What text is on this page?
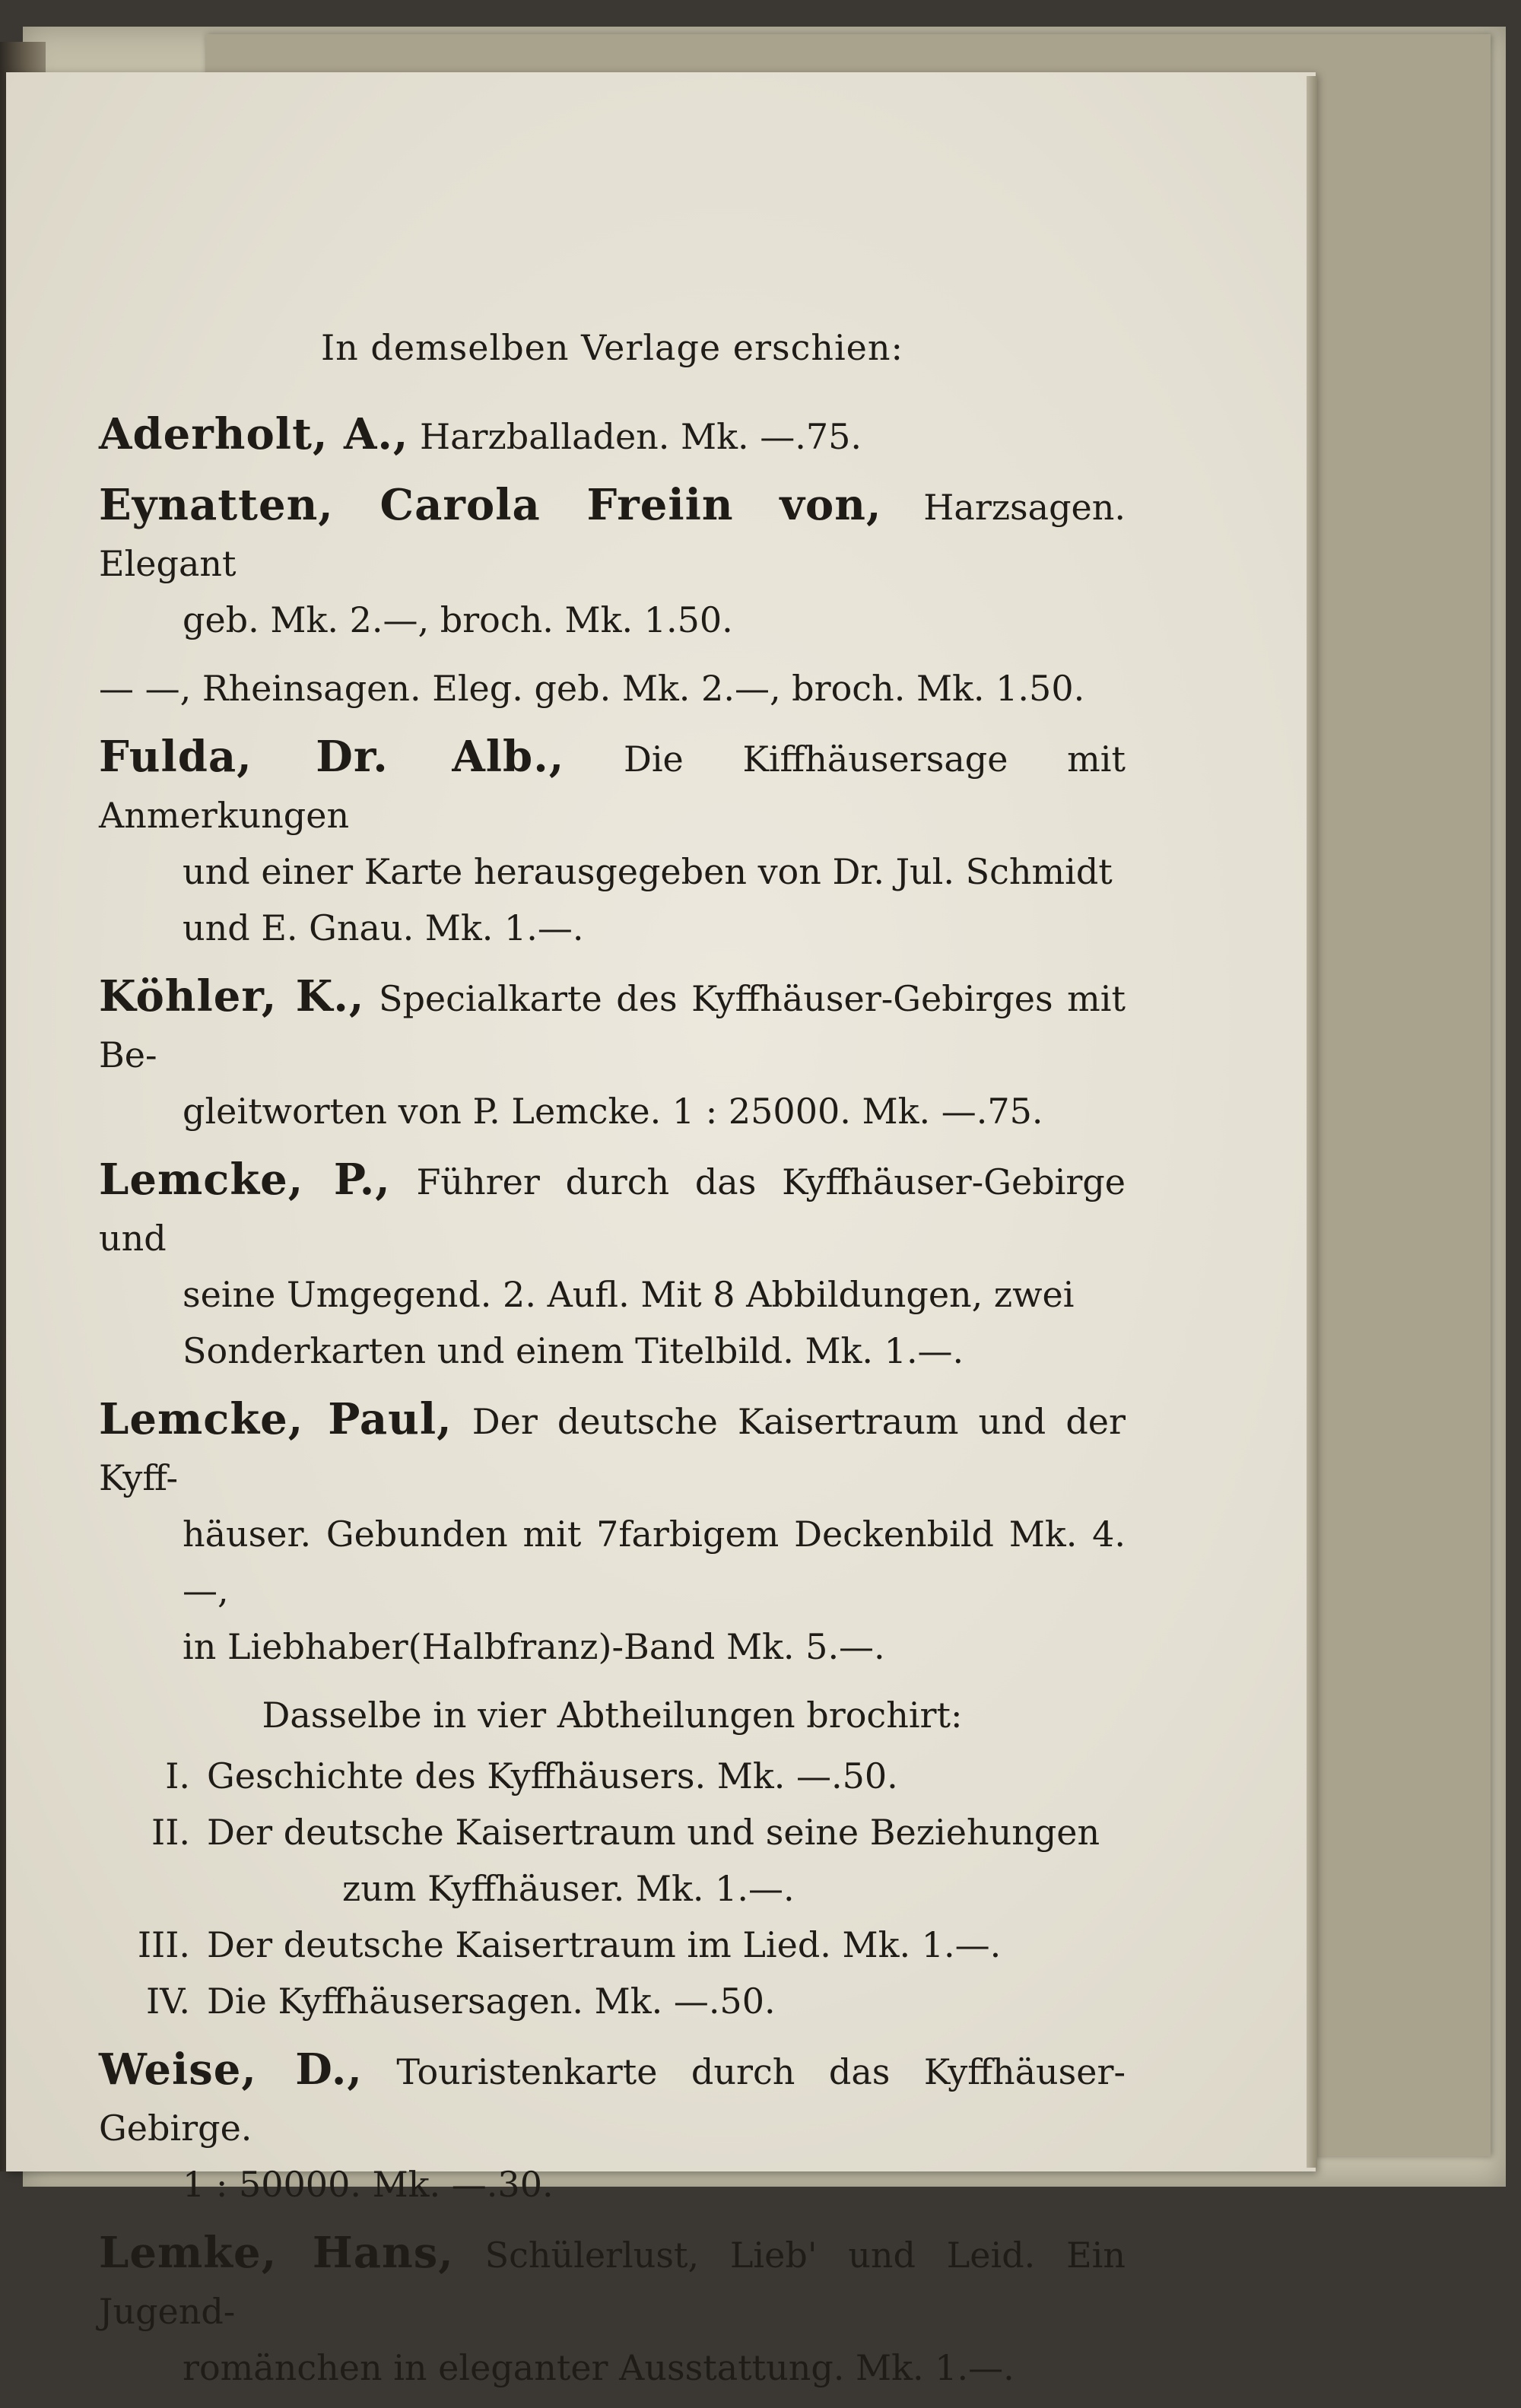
In demselben Verlage erschien:
Aderholt, A., Harzballaden. Mk. —.75.
Eynatten, Carola Freiin von, Harzsagen. Elegant
geb. Mk. 2.—, broch. Mk. 1.50.
— —, Rheinsagen. Eleg. geb. Mk. 2.—, broch. Mk. 1.50.
Fulda, Dr. Alb., Die Kiffhäusersage mit Anmerkungen
und einer Karte herausgegeben von Dr. Jul. Schmidt
und E. Gnau. Mk. 1.—.
Köhler, K., Specialkarte des Kyffhäuser-Gebirges mit Be-
gleitworten von P. Lemcke. 1 : 25000. Mk. —.75.
Lemcke, P., Führer durch das Kyffhäuser-Gebirge und
seine Umgegend. 2. Aufl. Mit 8 Abbildungen, zwei
Sonderkarten und einem Titelbild. Mk. 1.—.
Lemcke, Paul, Der deutsche Kaisertraum und der Kyff-
häuser. Gebunden mit 7farbigem Deckenbild Mk. 4.—,
in Liebhaber(Halbfranz)-Band Mk. 5.—.
Dasselbe in vier Abtheilungen brochirt:
I. Geschichte des Kyffhäusers. Mk. —.50.
II. Der deutsche Kaisertraum und seine Beziehungen
zum Kyffhäuser. Mk. 1.—.
III. Der deutsche Kaisertraum im Lied. Mk. 1.—.
IV. Die Kyffhäusersagen. Mk. —.50.
Weise, D., Touristenkarte durch das Kyffhäuser-Gebirge.
1 : 50000. Mk. —.30.
Lemke, Hans, Schülerlust, Lieb' und Leid. Ein Jugend-
romänchen in eleganter Ausstattung. Mk. 1.—.
